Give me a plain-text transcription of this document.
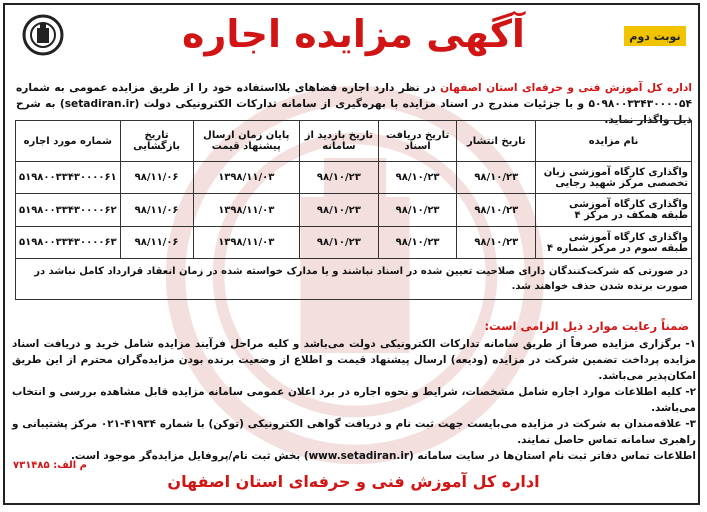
نوبت دوم
آگهی مزایده اجاره
اداره کل آموزش فنی و حرفه‌ای استان اصفهان در نظر دارد اجاره فضاهای بلااستفاده خود را از طریق مزایده عمومی به شماره ۵۰۹۸۰۰۳۳۴۳۰۰۰۰۵۴ و با جزئیات مندرج در اسناد مزایده با بهره‌گیری از سامانه تدارکات الکترونیکی دولت (setadiran.ir) به شرح ذیل واگذار نماید.
نام مزایده	تاریخ انتشار	تاریخ دریافت اسناد	تاریخ بازدید از سامانه	پایان زمان ارسال پیشنهاد قیمت	تاریخ بازگشایی	شماره مورد اجاره
واگذاری کارگاه آموزشی زبان تخصصی مرکز شهید رجایی	۹۸/۱۰/۲۳	۹۸/۱۰/۲۳	۹۸/۱۰/۲۳	۱۳۹۸/۱۱/۰۳	۹۸/۱۱/۰۶	۵۱۹۸۰۰۳۳۴۳۰۰۰۰۶۱
واگذاری کارگاه آموزشی طبقه همکف در مرکز ۴	۹۸/۱۰/۲۳	۹۸/۱۰/۲۳	۹۸/۱۰/۲۳	۱۳۹۸/۱۱/۰۳	۹۸/۱۱/۰۶	۵۱۹۸۰۰۳۳۴۳۰۰۰۰۶۲
واگذاری کارگاه آموزشی طبقه سوم در مرکز شماره ۴	۹۸/۱۰/۲۳	۹۸/۱۰/۲۳	۹۸/۱۰/۲۳	۱۳۹۸/۱۱/۰۳	۹۸/۱۱/۰۶	۵۱۹۸۰۰۳۳۴۳۰۰۰۰۶۳
در صورتی که شرکت‌کنندگان دارای صلاحیت تعیین شده در اسناد نباشند و یا مدارک خواسته شده در زمان انعقاد قرارداد کامل نباشد در صورت برنده شدن حذف خواهند شد.						
ضمناً رعایت موارد ذیل الزامی است:

۱- برگزاری مزایده صرفاً از طریق سامانه تدارکات الکترونیکی دولت می‌باشد و کلیه مراحل فرآیند مزایده شامل خرید و دریافت اسناد مزایده پرداخت تضمین شرکت در مزایده (ودیعه) ارسال پیشنهاد قیمت و اطلاع از وضعیت برنده بودن مزایده‌گران محترم از این طریق امکان‌پذیر می‌باشد.

۲- کلیه اطلاعات موارد اجاره شامل مشخصات، شرایط و نحوه اجاره در برد اعلان عمومی سامانه مزایده قابل مشاهده بررسی و انتخاب می‌باشد.

۳- علاقه‌مندان به شرکت در مزایده می‌بایست جهت ثبت نام و دریافت گواهی الکترونیکی (توکن) با شماره ۴۱۹۳۴-۰۲۱ مرکز پشتیبانی و راهبری سامانه تماس حاصل نمایند.

اطلاعات تماس دفاتر ثبت نام استان‌ها در سایت سامانه (www.setadiran.ir) بخش ثبت نام/پروفایل مزایده‌گر موجود است.

م الف: ۷۳۱۴۸۵
اداره کل آموزش فنی و حرفه‌ای استان اصفهان
